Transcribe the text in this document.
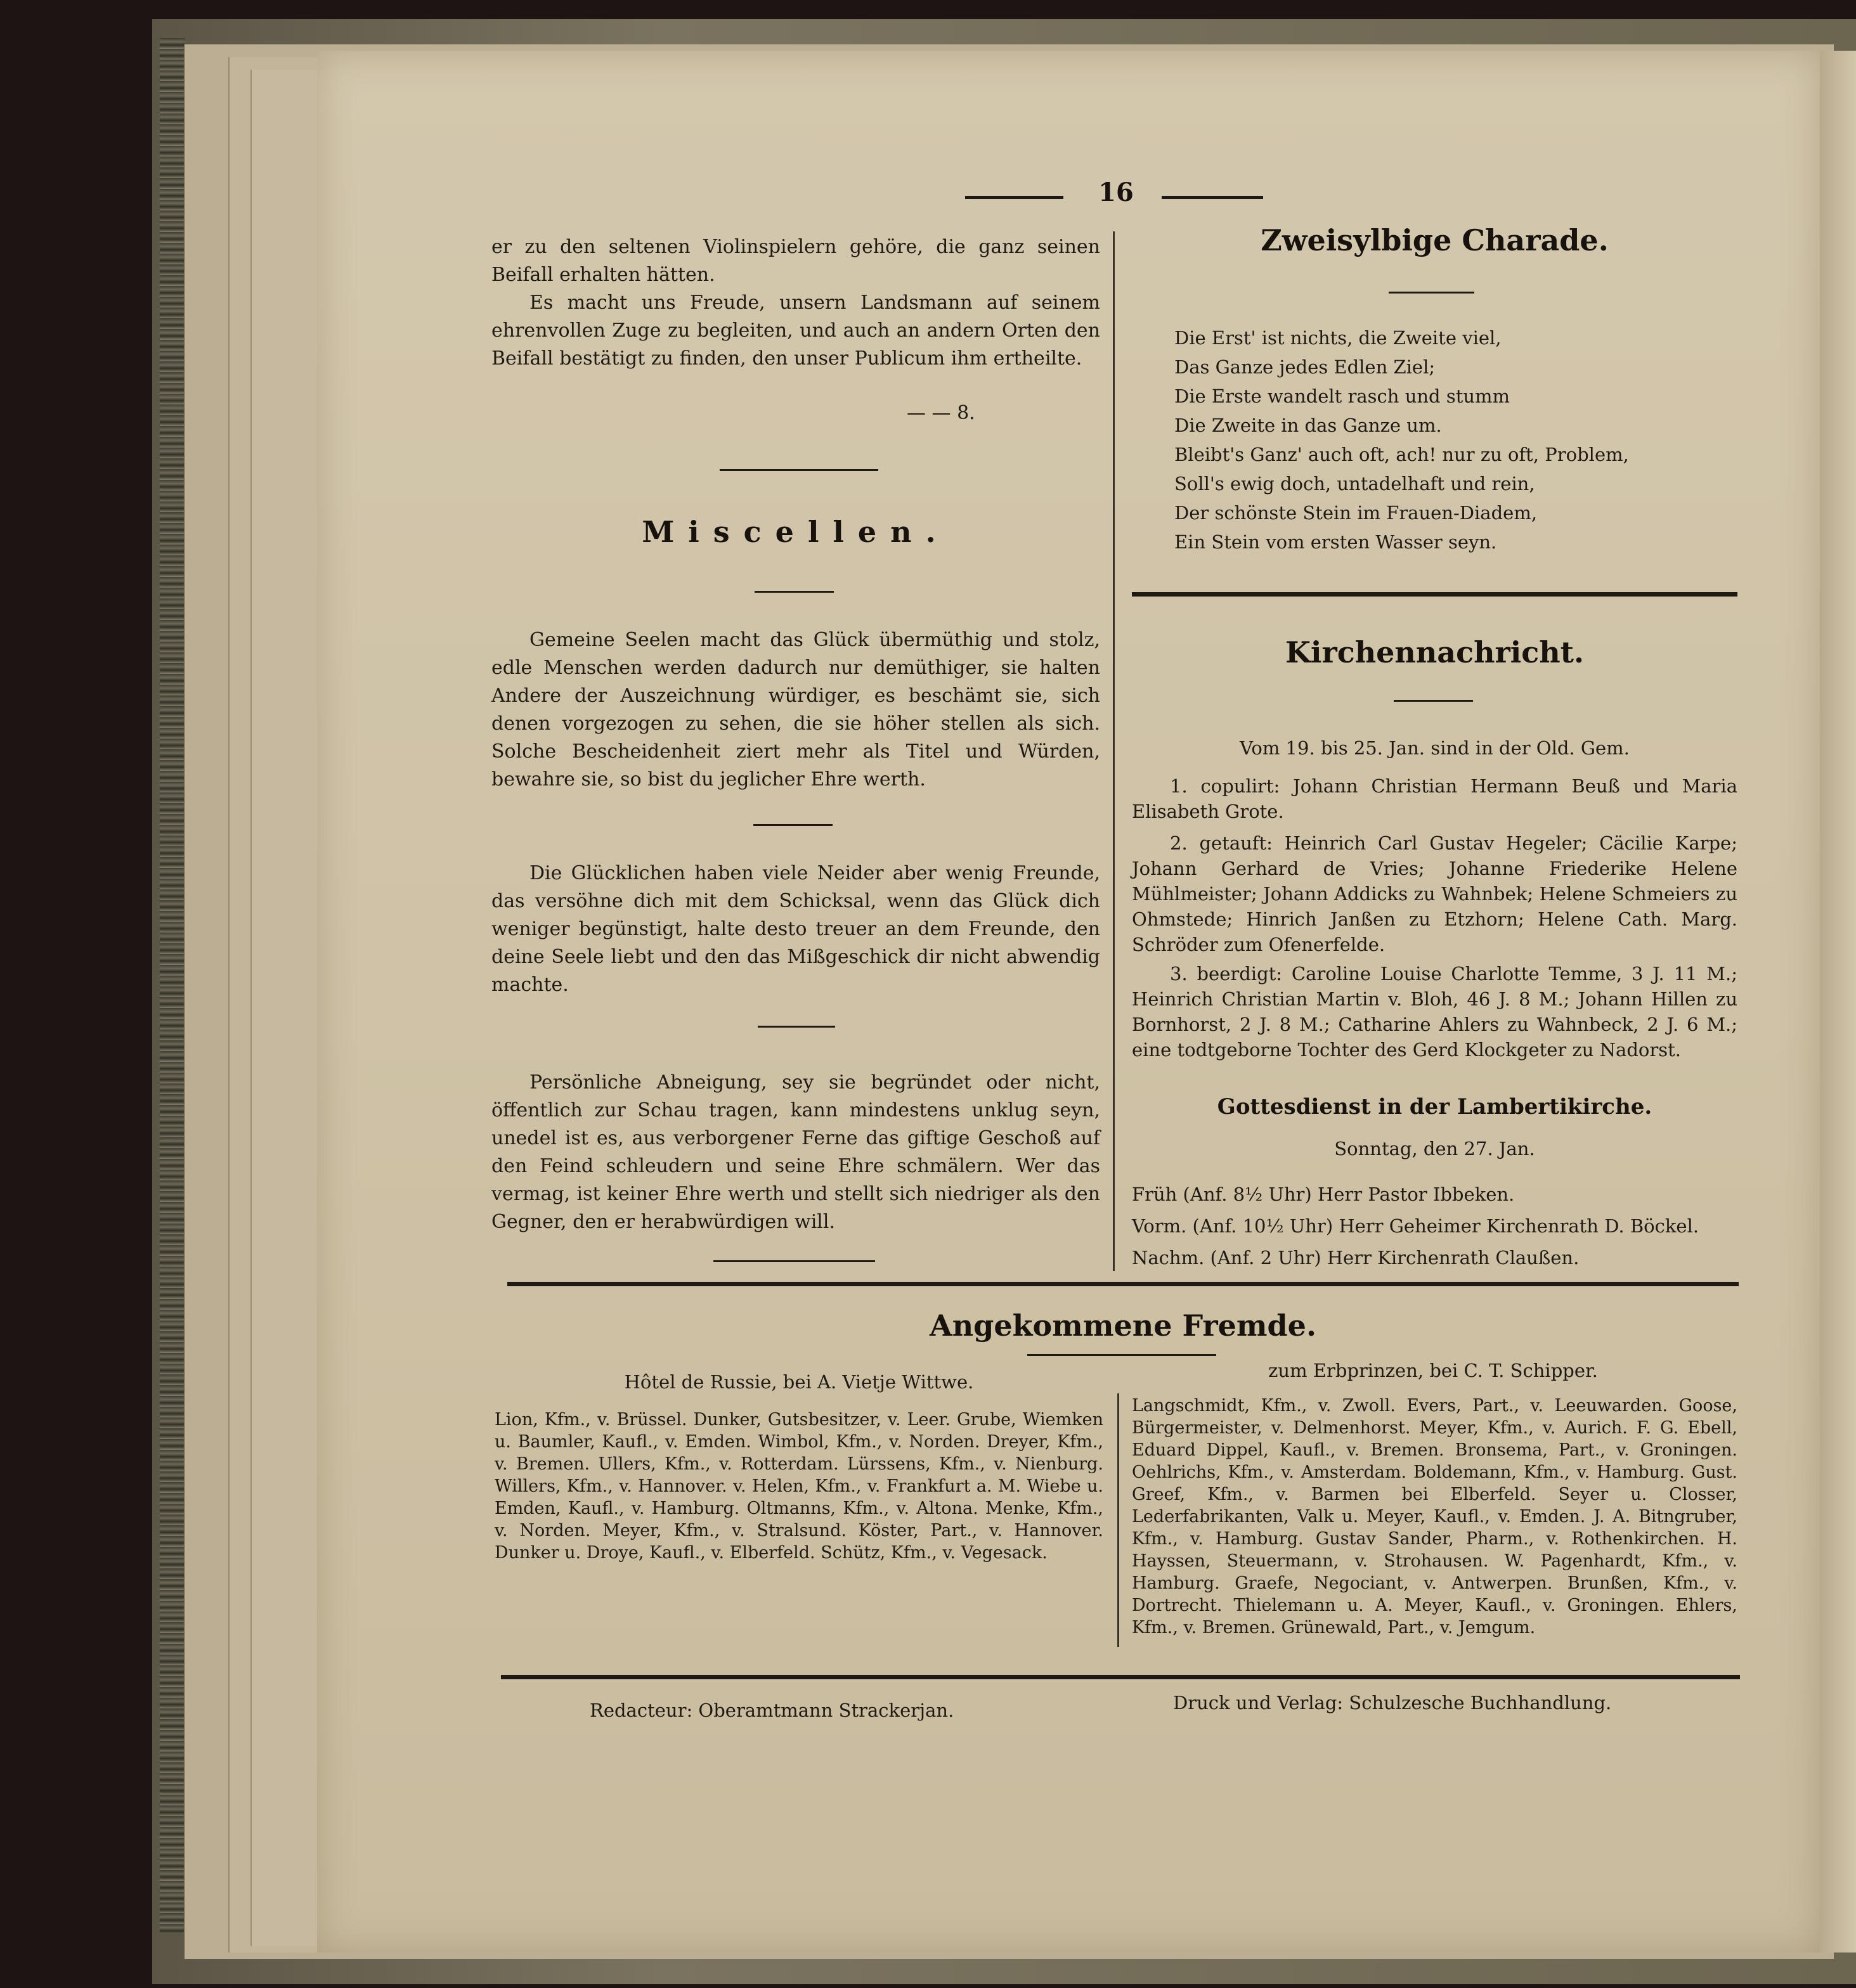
16

er zu den seltenen Violinspielern gehöre, die ganz seinen Beifall erhalten hätten.

Es macht uns Freude, unsern Landsmann auf seinem ehrenvollen Zuge zu begleiten, und auch an andern Orten den Beifall bestätigt zu finden, den unser Publicum ihm ertheilte.

— — 8.
Miscellen.

Gemeine Seelen macht das Glück übermüthig und stolz, edle Menschen werden dadurch nur demüthiger, sie halten Andere der Auszeichnung würdiger, es beschämt sie, sich denen vorgezogen zu sehen, die sie höher stellen als sich. Solche Bescheidenheit ziert mehr als Titel und Würden, bewahre sie, so bist du jeglicher Ehre werth.

Die Glücklichen haben viele Neider aber wenig Freunde, das versöhne dich mit dem Schicksal, wenn das Glück dich weniger begünstigt, halte desto treuer an dem Freunde, den deine Seele liebt und den das Mißgeschick dir nicht abwendig machte.

Persönliche Abneigung, sey sie begründet oder nicht, öffentlich zur Schau tragen, kann mindestens unklug seyn, unedel ist es, aus verborgener Ferne das giftige Geschoß auf den Feind schleudern und seine Ehre schmälern. Wer das vermag, ist keiner Ehre werth und stellt sich niedriger als den Gegner, den er herabwürdigen will.

Zweisylbige Charade.
Die Erst' ist nichts, die Zweite viel,
Das Ganze jedes Edlen Ziel;
Die Erste wandelt rasch und stumm
Die Zweite in das Ganze um.
Bleibt's Ganz' auch oft, ach! nur zu oft, Problem,
Soll's ewig doch, untadelhaft und rein,
Der schönste Stein im Frauen-Diadem,
Ein Stein vom ersten Wasser seyn.
Kirchennachricht.
Vom 19. bis 25. Jan. sind in der Old. Gem.

1. copulirt: Johann Christian Hermann Beuß und Maria Elisabeth Grote.

2. getauft: Heinrich Carl Gustav Hegeler; Cäcilie Karpe; Johann Gerhard de Vries; Johanne Friederike Helene Mühlmeister; Johann Addicks zu Wahnbek; Helene Schmeiers zu Ohmstede; Hinrich Janßen zu Etzhorn; Helene Cath. Marg. Schröder zum Ofenerfelde.

3. beerdigt: Caroline Louise Charlotte Temme, 3 J. 11 M.; Heinrich Christian Martin v. Bloh, 46 J. 8 M.; Johann Hillen zu Bornhorst, 2 J. 8 M.; Catharine Ahlers zu Wahnbeck, 2 J. 6 M.; eine todtgeborne Tochter des Gerd Klockgeter zu Nadorst.

Gottesdienst in der Lambertikirche.
Sonntag, den 27. Jan.
Früh (Anf. 8½ Uhr) Herr Pastor Ibbeken.
Vorm. (Anf. 10½ Uhr) Herr Geheimer Kirchenrath D. Böckel.
Nachm. (Anf. 2 Uhr) Herr Kirchenrath Claußen.
Angekommene Fremde.
Hôtel de Russie, bei A. Vietje Wittwe.
zum Erbprinzen, bei C. T. Schipper.

Lion, Kfm., v. Brüssel. Dunker, Gutsbesitzer, v. Leer. Grube, Wiemken u. Baumler, Kaufl., v. Emden. Wimbol, Kfm., v. Norden. Dreyer, Kfm., v. Bremen. Ullers, Kfm., v. Rotterdam. Lürssens, Kfm., v. Nienburg. Willers, Kfm., v. Hannover. v. Helen, Kfm., v. Frankfurt a. M. Wiebe u. Emden, Kaufl., v. Hamburg. Oltmanns, Kfm., v. Altona. Menke, Kfm., v. Norden. Meyer, Kfm., v. Stralsund. Köster, Part., v. Hannover. Dunker u. Droye, Kaufl., v. Elberfeld. Schütz, Kfm., v. Vegesack.

Langschmidt, Kfm., v. Zwoll. Evers, Part., v. Leeuwarden. Goose, Bürgermeister, v. Delmenhorst. Meyer, Kfm., v. Aurich. F. G. Ebell, Eduard Dippel, Kaufl., v. Bremen. Bronsema, Part., v. Groningen. Oehlrichs, Kfm., v. Amsterdam. Boldemann, Kfm., v. Hamburg. Gust. Greef, Kfm., v. Barmen bei Elberfeld. Seyer u. Closser, Lederfabrikanten, Valk u. Meyer, Kaufl., v. Emden. J. A. Bitngruber, Kfm., v. Hamburg. Gustav Sander, Pharm., v. Rothenkirchen. H. Hayssen, Steuermann, v. Strohausen. W. Pagenhardt, Kfm., v. Hamburg. Graefe, Negociant, v. Antwerpen. Brunßen, Kfm., v. Dortrecht. Thielemann u. A. Meyer, Kaufl., v. Groningen. Ehlers, Kfm., v. Bremen. Grünewald, Part., v. Jemgum.

Redacteur: Oberamtmann Strackerjan.	Druck und Verlag: Schulzesche Buchhandlung.
